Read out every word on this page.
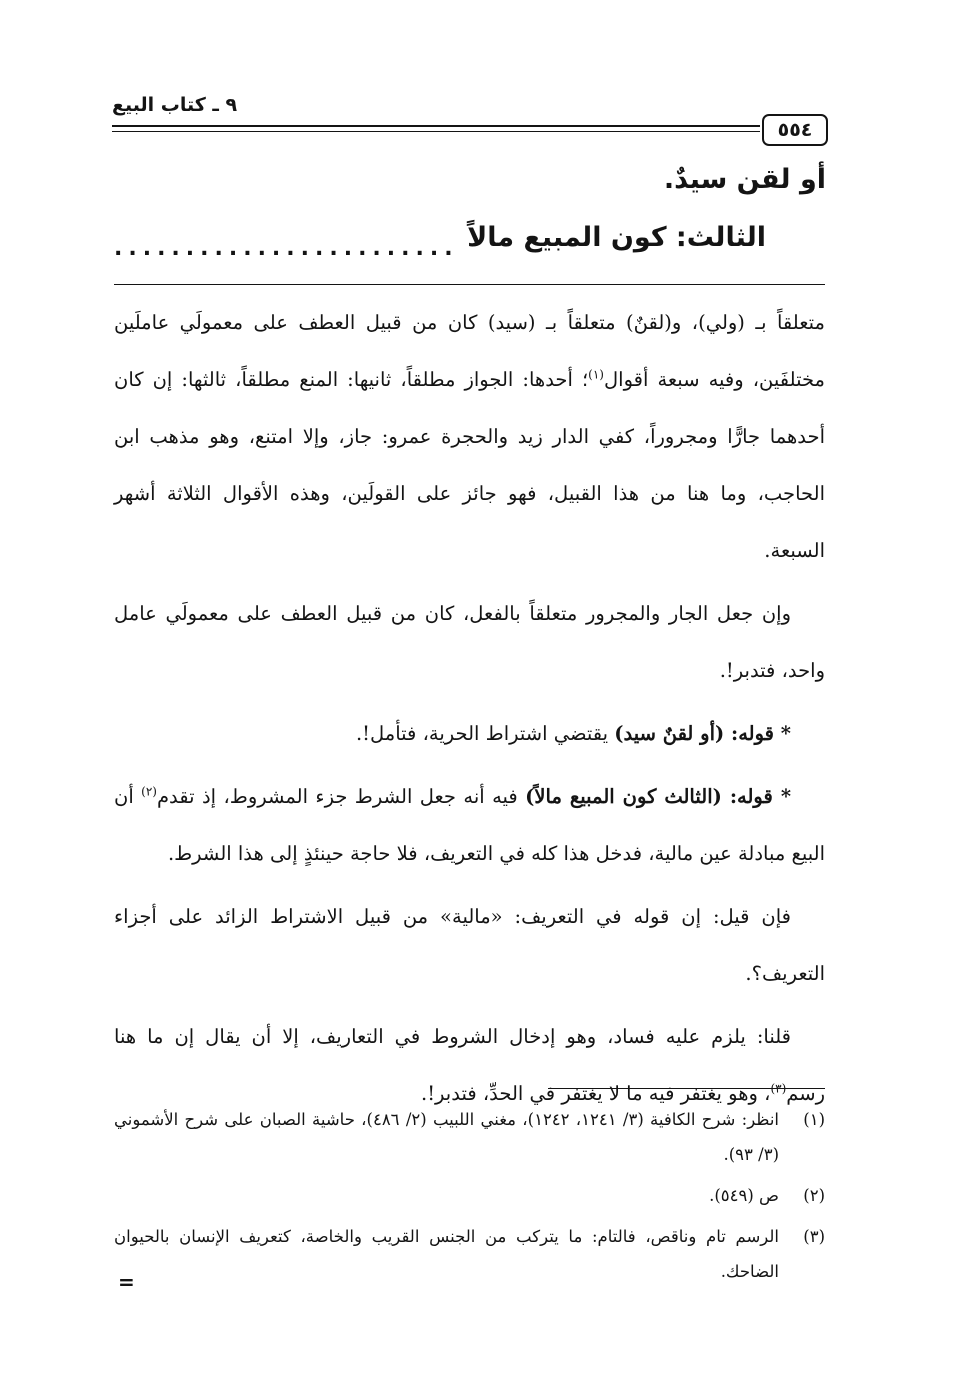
٥٥٤
٩ ـ كتاب البيع
أو لقن سيدٌ.
الثالث: كون المبيع مالاً
........................

متعلقاً بـ (ولي)، و(لقنٌ) متعلقاً بـ (سيد) كان من قبيل العطف على معمولَي عاملَين مختلفَين، وفيه سبعة أقوال$^{(١)}$؛ أحدها: الجواز مطلقاً، ثانيها: المنع مطلقاً، ثالثها: إن كان أحدهما جارًّا ومجروراً، كفي الدار زيد والحجرة عمرو: جاز، وإلا امتنع، وهو مذهب ابن الحاجب، وما هنا من هذا القبيل، فهو جائز على القولَين، وهذه الأقوال الثلاثة أشهر السبعة.

وإن جعل الجار والمجرور متعلقاً بالفعل، كان من قبيل العطف على معمولَي عامل واحد، فتدبر!.

* قوله: (أو لقنٌ سيد) يقتضي اشتراط الحرية، فتأمل!.

* قوله: (الثالث كون المبيع مالاً) فيه أنه جعل الشرط جزء المشروط، إذ تقدم$^{(٢)}$ أن البيع مبادلة عين مالية، فدخل هذا كله في التعريف، فلا حاجة حينئذٍ إلى هذا الشرط.

فإن قيل: إن قوله في التعريف: «مالية» من قبيل الاشتراط الزائد على أجزاء التعريف؟.

قلنا: يلزم عليه فساد، وهو إدخال الشروط في التعاريف، إلا أن يقال إن ما هنا رسم$^{(٣)}$، وهو يغتفر فيه ما لا يغتفر في الحدِّ، فتدبر!.

(١)
انظر: شرح الكافية (٣/ ١٢٤١، ١٢٤٢)، مغني اللبيب (٢/ ٤٨٦)، حاشية الصبان على شرح الأشموني (٣/ ٩٣).
(٢)
ص (٥٤٩).
(٣)
الرسم تام وناقص، فالتام: ما يتركب من الجنس القريب والخاصة، كتعريف الإنسان بالحيوان الضاحك.
=
